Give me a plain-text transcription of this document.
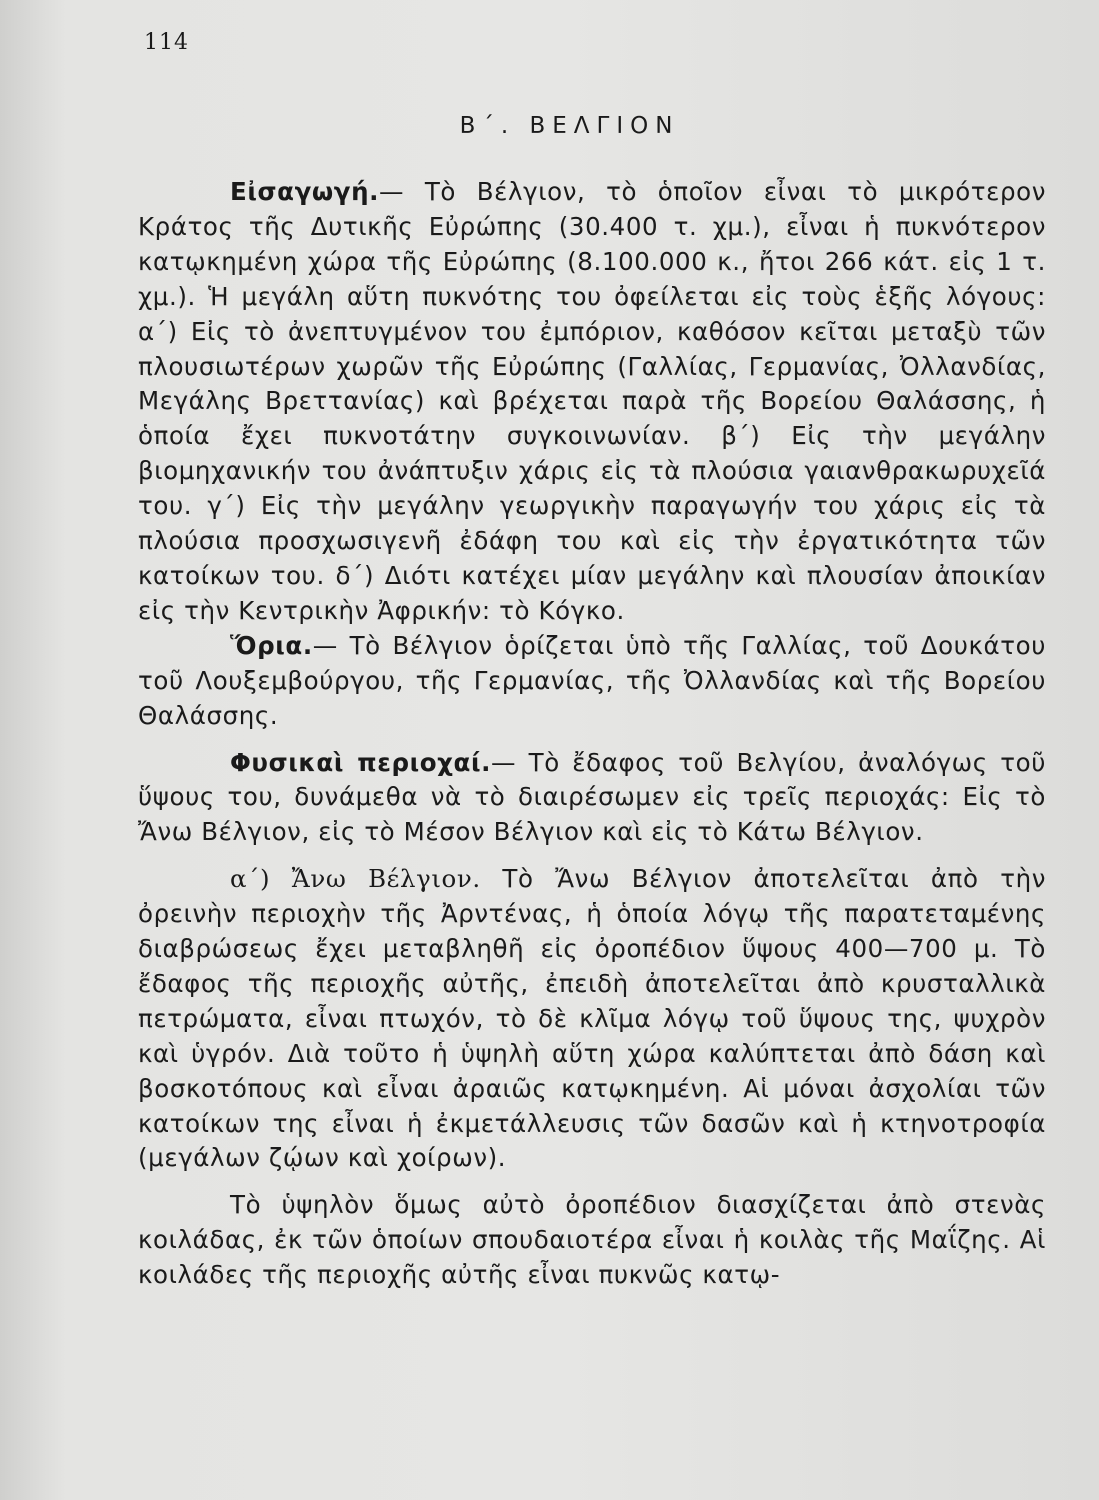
114
Β΄. ΒΕΛΓΙΟΝ

Εἰσαγωγή.— Τὸ Βέλγιον, τὸ ὁποῖον εἶναι τὸ μικρότερον Κράτος τῆς Δυτικῆς Εὐρώπης (30.400 τ. χμ.), εἶναι ἡ πυκνότερον κατῳκημένη χώρα τῆς Εὐρώπης (8.100.000 κ., ἤτοι 266 κάτ. εἰς 1 τ. χμ.). Ἡ μεγάλη αὕτη πυκνότης του ὀφείλεται εἰς τοὺς ἑξῆς λόγους: α΄) Εἰς τὸ ἀνεπτυγμένον του ἐμπόριον, καθόσον κεῖται μεταξὺ τῶν πλουσιωτέρων χωρῶν τῆς Εὐρώπης (Γαλλίας, Γερμανίας, Ὀλλανδίας, Μεγάλης Βρεττανίας) καὶ βρέχεται παρὰ τῆς Βορείου Θαλάσσης, ἡ ὁποία ἔχει πυκνοτάτην συγκοινωνίαν. β΄) Εἰς τὴν μεγάλην βιομηχανικήν του ἀνάπτυξιν χάρις εἰς τὰ πλούσια γαιανθρακωρυχεῖά του. γ΄) Εἰς τὴν μεγάλην γεωργικὴν παραγωγήν του χάρις εἰς τὰ πλούσια προσχωσιγενῆ ἐδάφη του καὶ εἰς τὴν ἐργατικότητα τῶν κατοίκων του. δ΄) Διότι κατέχει μίαν μεγάλην καὶ πλουσίαν ἀποικίαν εἰς τὴν Κεντρικὴν Ἀφρικήν: τὸ Κόγκο.

Ὅρια.— Τὸ Βέλγιον ὁρίζεται ὑπὸ τῆς Γαλλίας, τοῦ Δουκάτου τοῦ Λουξεμβούργου, τῆς Γερμανίας, τῆς Ὀλλανδίας καὶ τῆς Βορείου Θαλάσσης.

Φυσικαὶ περιοχαί.— Τὸ ἔδαφος τοῦ Βελγίου, ἀναλόγως τοῦ ὕψους του, δυνάμεθα νὰ τὸ διαιρέσωμεν εἰς τρεῖς περιοχάς: Εἰς τὸ Ἄνω Βέλγιον, εἰς τὸ Μέσον Βέλγιον καὶ εἰς τὸ Κάτω Βέλγιον.

α΄) Ἄνω Βέλγιον. Τὸ Ἄνω Βέλγιον ἀποτελεῖται ἀπὸ τὴν ὀρεινὴν περιοχὴν τῆς Ἀρντένας, ἡ ὁποία λόγῳ τῆς παρατεταμένης διαβρώσεως ἔχει μεταβληθῆ εἰς ὀροπέδιον ὕψους 400—700 μ. Τὸ ἔδαφος τῆς περιοχῆς αὐτῆς, ἐπειδὴ ἀποτελεῖται ἀπὸ κρυσταλλικὰ πετρώματα, εἶναι πτωχόν, τὸ δὲ κλῖμα λόγῳ τοῦ ὕψους της, ψυχρὸν καὶ ὑγρόν. Διὰ τοῦτο ἡ ὑψηλὴ αὕτη χώρα καλύπτεται ἀπὸ δάση καὶ βοσκοτόπους καὶ εἶναι ἀραιῶς κατῳκημένη. Αἱ μόναι ἀσχολίαι τῶν κατοίκων της εἶναι ἡ ἐκμετάλλευσις τῶν δασῶν καὶ ἡ κτηνοτροφία (μεγάλων ζῴων καὶ χοίρων).

Τὸ ὑψηλὸν ὅμως αὐτὸ ὀροπέδιον διασχίζεται ἀπὸ στενὰς κοιλάδας, ἐκ τῶν ὁποίων σπουδαιοτέρα εἶναι ἡ κοιλὰς τῆς Μαΐζης. Αἱ κοιλάδες τῆς περιοχῆς αὐτῆς εἶναι πυκνῶς κατῳ-
